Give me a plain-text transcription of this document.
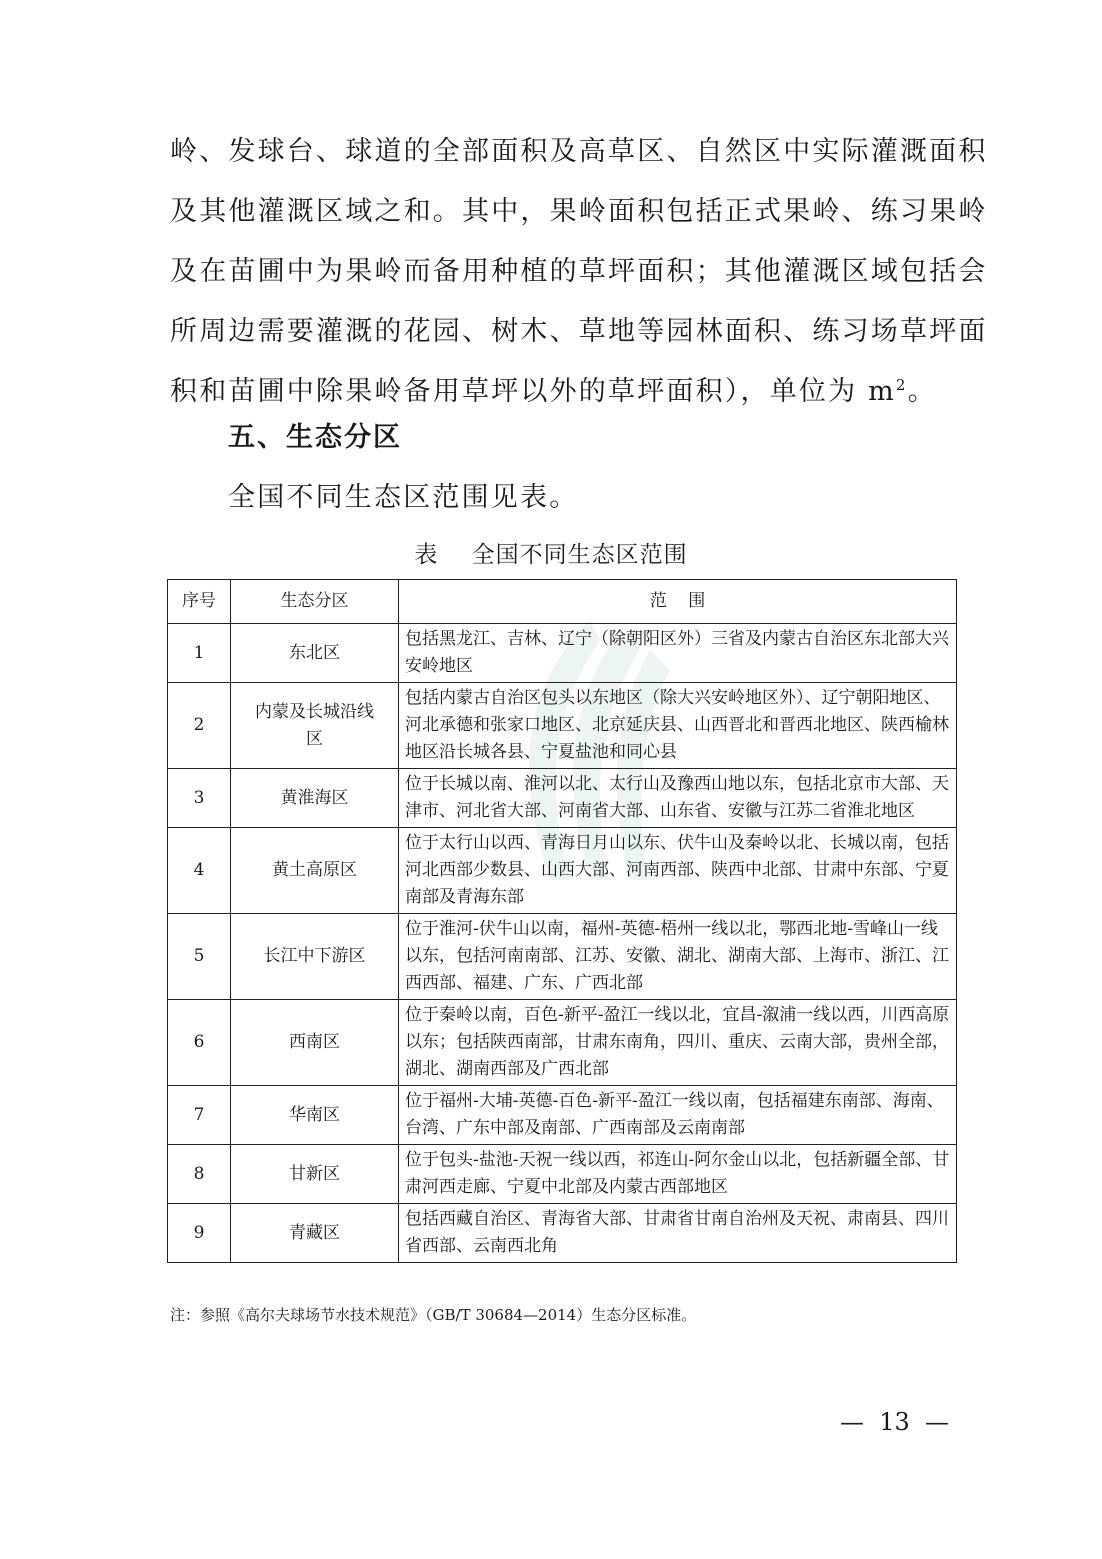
岭、发球台、球道的全部面积及高草区、自然区中实际灌溉面积
及其他灌溉区域之和。其中，果岭面积包括正式果岭、练习果岭
及在苗圃中为果岭而备用种植的草坪面积；其他灌溉区域包括会
所周边需要灌溉的花园、树木、草地等园林面积、练习场草坪面
积和苗圃中除果岭备用草坪以外的草坪面积），单位为 $m^2$。
五、生态分区
全国不同生态区范围见表。
表    全国不同生态区范围
序号	生态分区	范    围
1	东北区	包括黑龙江、吉林、辽宁（除朝阳区外）三省及内蒙古自治区东北部大兴安岭地区
2	内蒙及长城沿线区	包括内蒙古自治区包头以东地区（除大兴安岭地区外）、辽宁朝阳地区、河北承德和张家口地区、北京延庆县、山西晋北和晋西北地区、陕西榆林地区沿长城各县、宁夏盐池和同心县
3	黄淮海区	位于长城以南、淮河以北、太行山及豫西山地以东，包括北京市大部、天津市、河北省大部、河南省大部、山东省、安徽与江苏二省淮北地区
4	黄土高原区	位于太行山以西、青海日月山以东、伏牛山及秦岭以北、长城以南，包括河北西部少数县、山西大部、河南西部、陕西中北部、甘肃中东部、宁夏南部及青海东部
5	长江中下游区	位于淮河-伏牛山以南，福州-英德-梧州一线以北，鄂西北地-雪峰山一线以东，包括河南南部、江苏、安徽、湖北、湖南大部、上海市、浙江、江西西部、福建、广东、广西北部
6	西南区	位于秦岭以南，百色-新平-盈江一线以北，宜昌-溆浦一线以西，川西高原以东；包括陕西南部，甘肃东南角，四川、重庆、云南大部，贵州全部，湖北、湖南西部及广西北部
7	华南区	位于福州-大埔-英德-百色-新平-盈江一线以南，包括福建东南部、海南、台湾、广东中部及南部、广西南部及云南南部
8	甘新区	位于包头-盐池-天祝一线以西，祁连山-阿尔金山以北，包括新疆全部、甘肃河西走廊、宁夏中北部及内蒙古西部地区
9	青藏区	包括西藏自治区、青海省大部、甘肃省甘南自治州及天祝、肃南县、四川省西部、云南西北角
注：参照《高尔夫球场节水技术规范》（GB/T 30684—2014）生态分区标准。
—  13  —
